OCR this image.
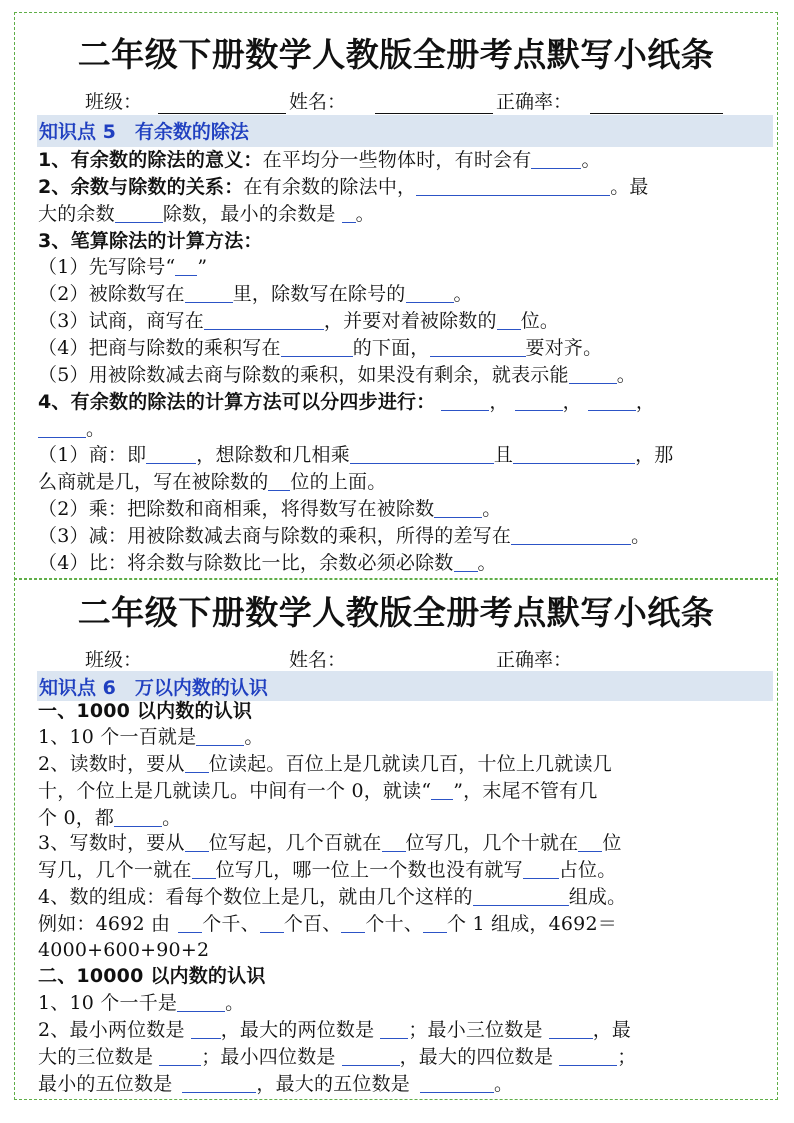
二年级下册数学人教版全册考点默写小纸条
班级：	姓名：	正确率：
知识点 5　有余数的除法
1、有余数的除法的意义：在平均分一些物体时，有时会有	。
2、余数与除数的关系：在有余数的除法中，	。最
大的余数	除数，最小的余数是 。
3、笔算除法的计算方法：
（1）先写除号“ ”
（2）被除数写在	里，除数写在除号的	。
（3）试商，商写在	，并要对着被除数的 位。
（4）把商与除数的乘积写在	的下面，	要对齐。
（5）用被除数减去商与除数的乘积，如果没有剩余，就表示能	。
4、有余数的除法的计算方法可以分四步进行：	，	，	，
。
（1）商：即	，想除数和几相乘	且	，那
么商就是几，写在被除数的 位的上面。
（2）乘：把除数和商相乘，将得数写在被除数	。
（3）减：用被除数减去商与除数的乘积，所得的差写在	。
（4）比：将余数与除数比一比，余数必须必除数 。
二年级下册数学人教版全册考点默写小纸条
班级：	姓名：	正确率：
知识点 6　万以内数的认识
一、1000 以内数的认识
1、10 个一百就是	。
2、读数时，要从 位读起。百位上是几就读几百，十位上几就读几
十，个位上是几就读几。中间有一个 0，就读“ ”，末尾不管有几
个 0，都	。
3、写数时，要从 位写起，几个百就在 位写几，几个十就在 位
写几，几个一就在 位写几，哪一位上一个数也没有就写 占位。
4、数的组成：看每个数位上是几，就由几个这样的	组成。
例如：4692 由 个千、 个百、 个十、 个 1 组成，4692＝
4000+600+90+2
二、10000 以内数的认识
1、10 个一千是	。
2、最小两位数是 ，最大的两位数是 ；最小三位数是	，最
大的三位数是	；最小四位数是	，最大的四位数是	；
最小的五位数是	，最大的五位数是	。
